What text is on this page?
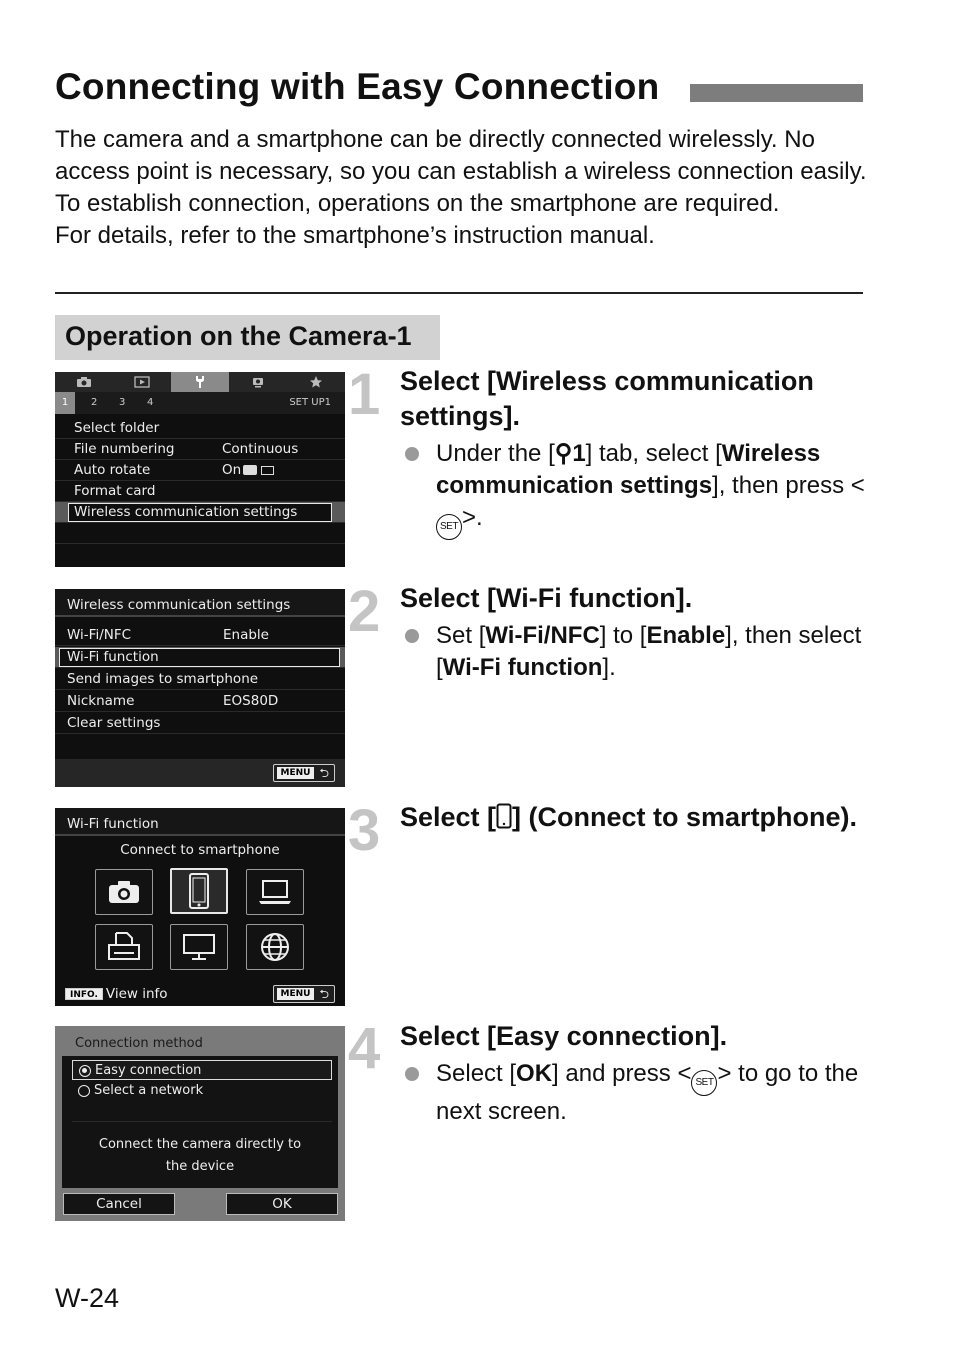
Connecting with Easy Connection
The camera and a smartphone can be directly connected wirelessly. No access point is necessary, so you can establish a wireless connection easily.
To establish connection, operations on the smartphone are required.
For details, refer to the smartphone’s instruction manual.
Operation on the Camera-1
1	2 3 4	SET UP1
Select folder
File numbering	Continuous
Auto rotate	On
Format card
Wireless communication settings
1 Select [Wireless communication settings].
Under the [⚲1] tab, select [Wireless communication settings], then press <SET >.
Wireless communication settings
Wi-Fi/NFC	Enable
Wi-Fi function
Send images to smartphone
Nickname	EOS80D
Clear settings
MENU ⮌
2 Select [Wi-Fi function].
Set [Wi-Fi/NFC] to [Enable], then select [Wi-Fi function].
Wi-Fi function
Connect to smartphone
INFO. View info	MENU ⮌
3 Select [ ] (Connect to smartphone).
Connection method
Easy connection
Select a network
Connect the camera directly to
the device
Cancel	OK
4 Select [Easy connection].
Select [OK] and press < SET > to go to the next screen.
W-24
